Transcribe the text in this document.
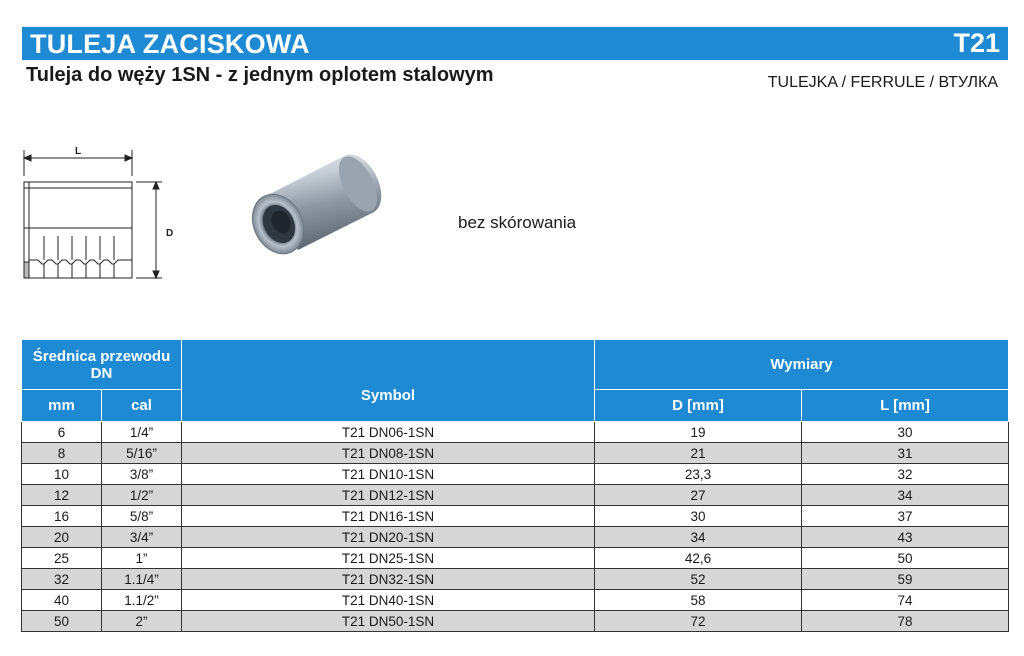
TULEJA ZACISKOWA	T21
Tuleja do węży 1SN - z jednym oplotem stalowym	TULEJKA / FERRULE / ВТУЛКА
L
D
bez skórowania
Średnica przewodu DN		Symbol	Wymiary	
mm	cal		D [mm]	L [mm]
6	1/4”	T21 DN06-1SN	19	30
8	5/16”	T21 DN08-1SN	21	31
10	3/8”	T21 DN10-1SN	23,3	32
12	1/2”	T21 DN12-1SN	27	34
16	5/8”	T21 DN16-1SN	30	37
20	3/4”	T21 DN20-1SN	34	43
25	1”	T21 DN25-1SN	42,6	50
32	1.1/4”	T21 DN32-1SN	52	59
40	1.1/2”	T21 DN40-1SN	58	74
50	2”	T21 DN50-1SN	72	78
